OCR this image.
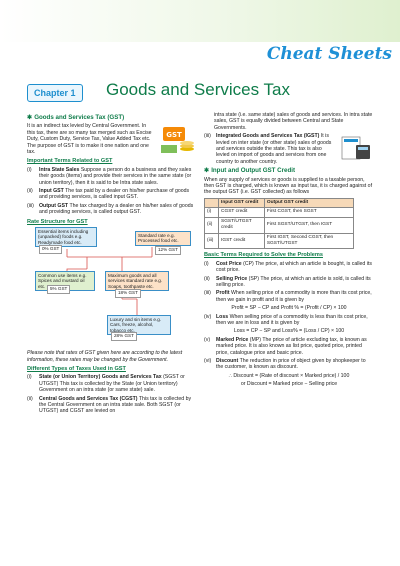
Cheat Sheets
Chapter 1	Goods and Services Tax
✱ Goods and Services Tax (GST)
GST

It is an indirect tax levied by Central Government. In this tax, there are so many tax merged such as Excise Duty, Custom Duty, Service Tax, Value Added Tax etc. The purpose of GST is to make it one nation and one tax.

Important Terms Related to GST
(i)	Intra State Sales Suppose a person do a business and they sales their goods (items) and provide their services in the same state (or union territory), then it is said to be Intra state sales.
(ii)	Input GST The tax paid by a dealer on his/her purchase of goods and providing services, is called input GST.
(iii) Output GST The tax charged by a dealer on his/her sales of goods and providing services, is called output GST.
Rate Structure for GST
Essential items including (unpacked) foods e.g. Readymade food etc.
0% GST
Standard rate e.g. Processed food etc.
12% GST
Common use items e.g. Spices and mustard oil etc.
5% GST
Maximum goods and all services standard rate e.g. Soaps, toothpaste etc.
18% GST
Luxury and sin items e.g. Cars, freeze, alcohol, tobacco etc.
28% GST

Please note that rates of GST given here are according to the latest information, these rates may be changed by the Government.

Different Types of Taxes Used in GST
(i)	State (or Union Territory) Goods and Services Tax (SGST or UTGST) This tax is collected by the State (or Union territory) Government on an intra state (or same state) sale.
(ii)	Central Goods and Services Tax (CGST) This tax is collected by the Central Government on an intra state sale. Both SGST (or UTGST) and CGST are levied on

intra state (i.e. same state) sales of goods and services. In intra state sales, GST is equally divided between Central and State Governments.

(iii) Integrated Goods and Services Tax (IGST) It is levied on inter state (or other state) sales of goods and services outside the state. This tax is also levied on import of goods and services from one country to another country.
✱ Input and Output GST Credit

When any supply of services or goods is supplied to a taxable person, then GST is charged, which is known as input tax, it is charged against of the output GST (i.e. GST collected) as follows

	Input GST credit	Output GST credit
(i)	CGST credit	First CGST, then SGST
(ii)	SGST/UTGST credit	First SGST/UTGST, then IGST
(iii)	IGST credit	First IGST, Second CGST, then SGST/UTGST
Basic Terms Required to Solve the Problems
(i)	Cost Price (CP) The price, at which an article is bought, is called its cost price.
(ii)	Selling Price (SP) The price, at which an article is sold, is called its selling price.
(iii) Profit When selling price of a commodity is more than its cost price, then we gain in profit and it is given by
Profit = SP − CP and Profit % = (Profit / CP) × 100
(iv) Loss When selling price of a commodity is less than its cost price, then we are in loss and it is given by
Loss = CP − SP and Loss% = (Loss / CP) × 100
(v)	Marked Price (MP) The price of article excluding tax, is known as marked price. It is also known as list price, quoted price, printed price, catalogue price and basic price.
(vi) Discount The reduction in price of object given by shopkeeper to the customer, is known as discount.
∴ Discount = (Rate of discount × Marked price) / 100
or Discount = Marked price − Selling price
